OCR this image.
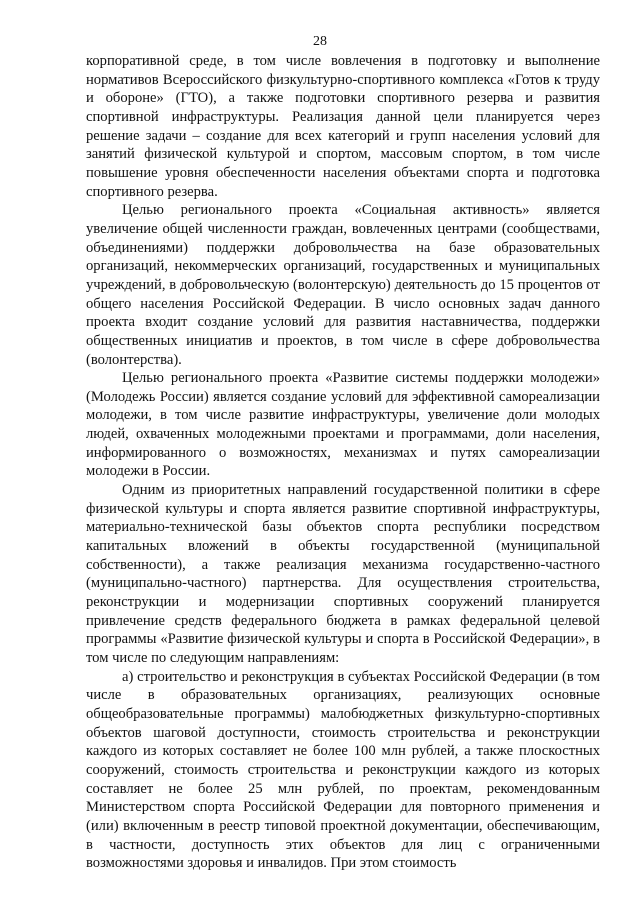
28

корпоративной среде, в том числе вовлечения в подготовку и выполнение нормативов Всероссийского физкультурно-спортивного комплекса «Готов к труду и обороне» (ГТО), а также подготовки спортивного резерва и развития спортивной инфраструктуры. Реализация данной цели планируется через решение задачи – создание для всех категорий и групп населения условий для занятий физической культурой и спортом, массовым спортом, в том числе повышение уровня обеспеченности населения объектами спорта и подготовка спортивного резерва.

Целью регионального проекта «Социальная активность» является увеличение общей численности граждан, вовлеченных центрами (сообществами, объединениями) поддержки добровольчества на базе образовательных организаций, некоммерческих организаций, государственных и муниципальных учреждений, в добровольческую (волонтерскую) деятельность до 15 процентов от общего населения Российской Федерации. В число основных задач данного проекта входит создание условий для развития наставничества, поддержки общественных инициатив и проектов, в том числе в сфере добровольчества (волонтерства).

Целью регионального проекта «Развитие системы поддержки молодежи» (Молодежь России) является создание условий для эффективной самореализации молодежи, в том числе развитие инфраструктуры, увеличение доли молодых людей, охваченных молодежными проектами и программами, доли населения, информированного о возможностях, механизмах и путях самореализации молодежи в России.

Одним из приоритетных направлений государственной политики в сфере физической культуры и спорта является развитие спортивной инфраструктуры, материально-технической базы объектов спорта республики посредством капитальных вложений в объекты государственной (муниципальной собственности), а также реализация механизма государственно-частного (муниципально-частного) партнерства. Для осуществления строительства, реконструкции и модернизации спортивных сооружений планируется привлечение средств федерального бюджета в рамках федеральной целевой программы «Развитие физической культуры и спорта в Российской Федерации», в том числе по следующим направлениям:

а) строительство и реконструкция в субъектах Российской Федерации (в том числе в образовательных организациях, реализующих основные общеобразовательные программы) малобюджетных физкультурно-спортивных объектов шаговой доступности, стоимость строительства и реконструкции каждого из которых составляет не более 100 млн рублей, а также плоскостных сооружений, стоимость строительства и реконструкции каждого из которых составляет не более 25 млн рублей, по проектам, рекомендованным Министерством спорта Российской Федерации для повторного применения и (или) включенным в реестр типовой проектной документации, обеспечивающим, в частности, доступность этих объектов для лиц с ограниченными возможностями здоровья и инвалидов. При этом стоимость
